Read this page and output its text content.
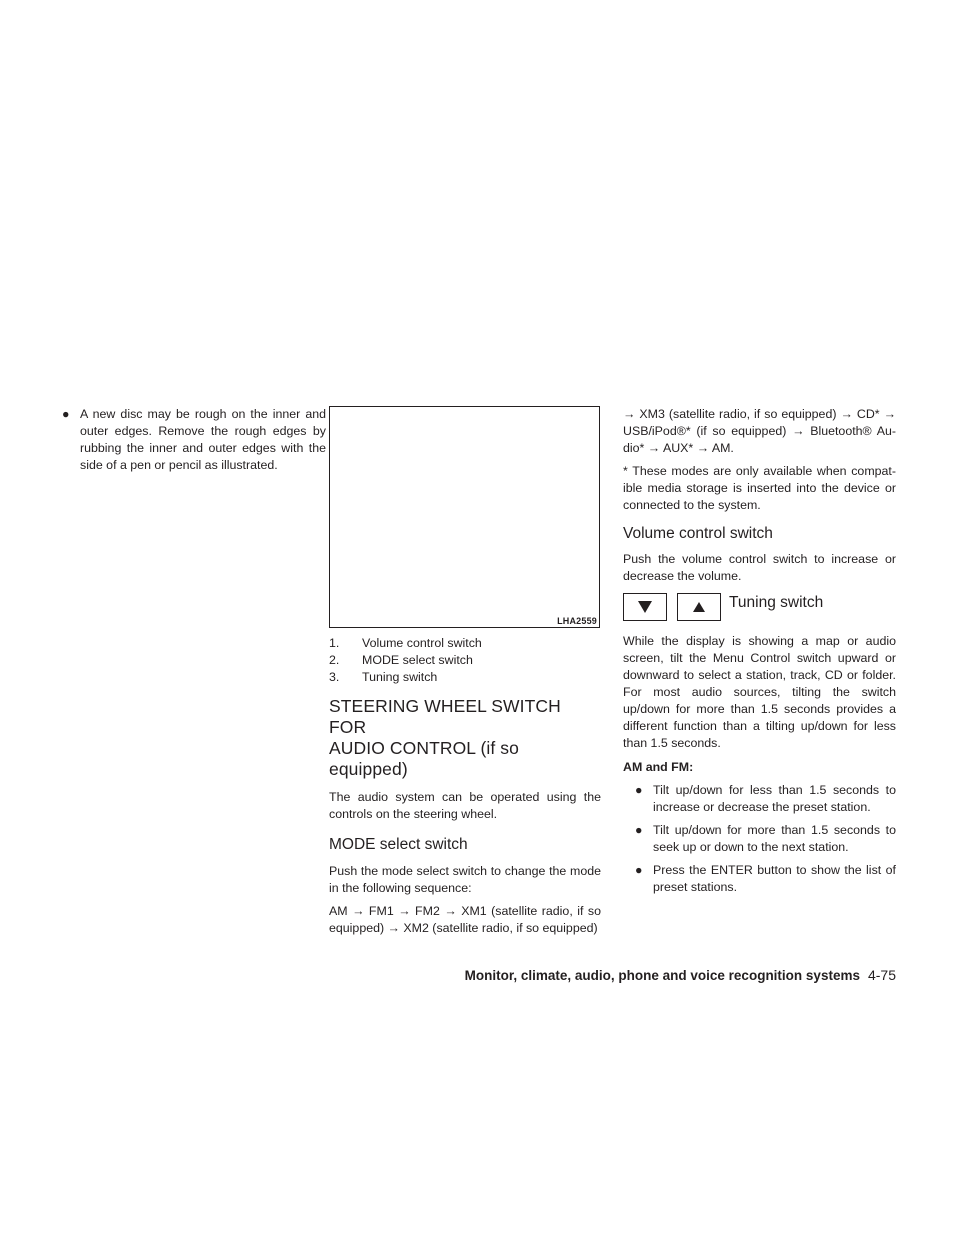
● A new disc may be rough on the inner and outer edges. Remove the rough edges by rubbing the inner and outer edges with the side of a pen or pencil as illustrated.

LHA2559
1.	Volume control switch
2.	MODE select switch
3.	Tuning switch
STEERING WHEEL SWITCH FOR
AUDIO CONTROL (if so equipped)

The audio system can be operated using the controls on the steering wheel.

MODE select switch

Push the mode select switch to change the mode in the following sequence:

AM → FM1 → FM2 → XM1 (satellite radio, if so equipped) → XM2 (satellite radio, if so equipped)

→ XM3 (satellite radio, if so equipped) → CD* → USB/iPod®* (if so equipped) → Bluetooth® Au-dio* → AUX* → AM.

* These modes are only available when compat-ible media storage is inserted into the device or connected to the system.

Volume control switch

Push the volume control switch to increase or decrease the volume.

Tuning switch

While the display is showing a map or audio screen, tilt the Menu Control switch upward or downward to select a station, track, CD or folder. For most audio sources, tilting the switch up/down for more than 1.5 seconds provides a different function than a tilting up/down for less than 1.5 seconds.

AM and FM:

● Tilt up/down for less than 1.5 seconds to increase or decrease the preset station.

● Tilt up/down for more than 1.5 seconds to seek up or down to the next station.

● Press the ENTER button to show the list of preset stations.

Monitor, climate, audio, phone and voice recognition systems 4-75
